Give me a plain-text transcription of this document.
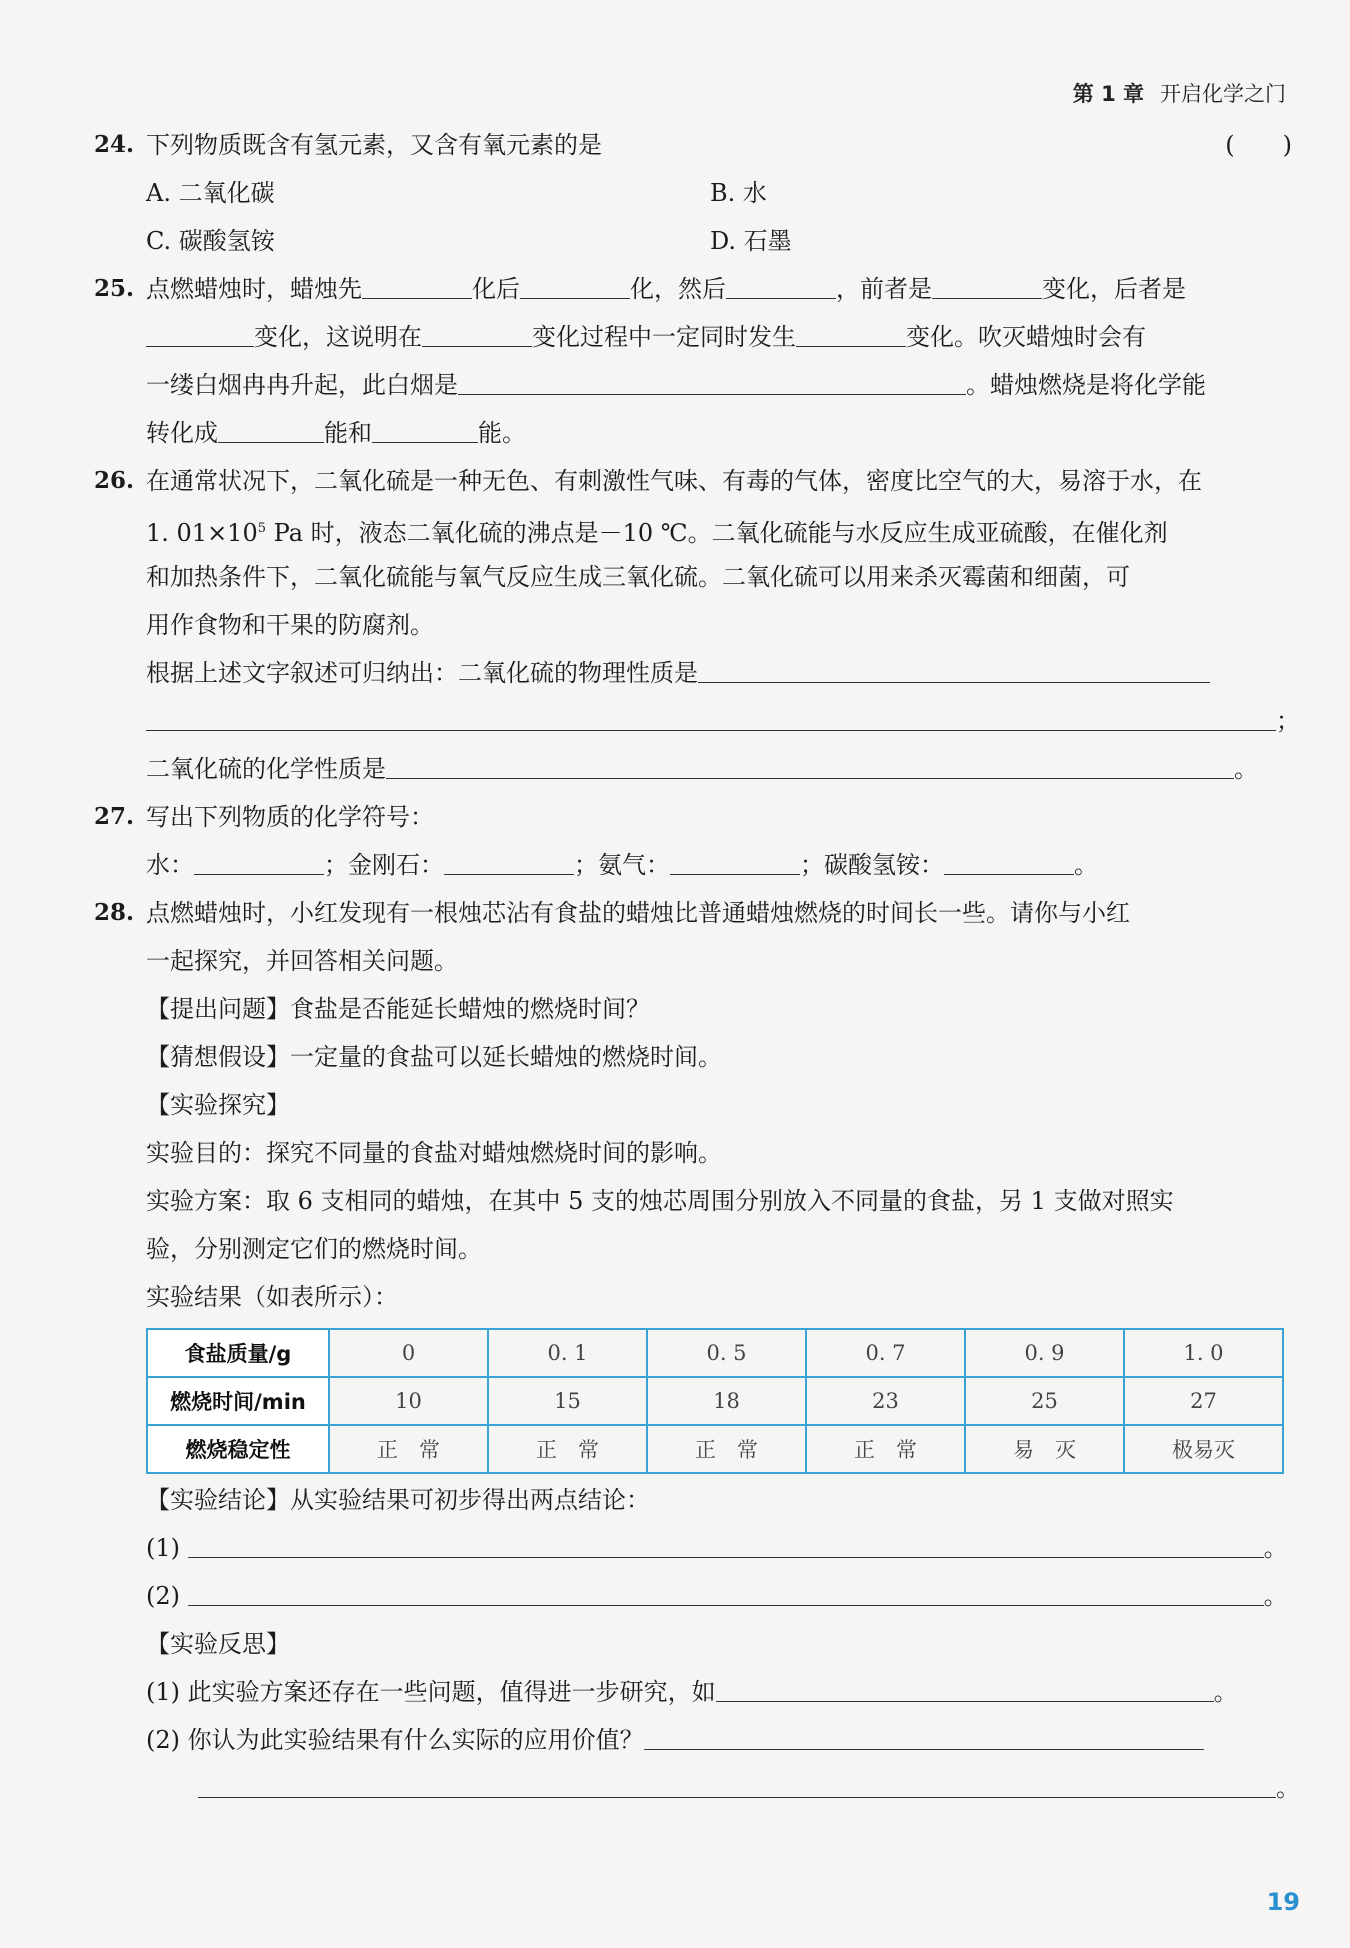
第 1 章 开启化学之门
24. 下列物质既含有氢元素，又含有氧元素的是	(　　)
A. 二氧化碳	B. 水
C. 碳酸氢铵	D. 石墨
25. 点燃蜡烛时，蜡烛先	化后	化，然后	，前者是	变化，后者是
变化，这说明在	变化过程中一定同时发生	变化。吹灭蜡烛时会有
一缕白烟冉冉升起，此白烟是	。蜡烛燃烧是将化学能
转化成	能和	能。
26. 在通常状况下，二氧化硫是一种无色、有刺激性气味、有毒的气体，密度比空气的大，易溶于水，在
1. $01\times 10^5$ Pa 时，液态二氧化硫的沸点是－10 ℃。二氧化硫能与水反应生成亚硫酸，在催化剂
和加热条件下，二氧化硫能与氧气反应生成三氧化硫。二氧化硫可以用来杀灭霉菌和细菌，可
用作食物和干果的防腐剂。
根据上述文字叙述可归纳出：二氧化硫的物理性质是
；
二氧化硫的化学性质是	。
27. 写出下列物质的化学符号：
水：	；金刚石：	；氨气：	；碳酸氢铵：	。
28. 点燃蜡烛时，小红发现有一根烛芯沾有食盐的蜡烛比普通蜡烛燃烧的时间长一些。请你与小红
一起探究，并回答相关问题。
【提出问题】食盐是否能延长蜡烛的燃烧时间？
【猜想假设】一定量的食盐可以延长蜡烛的燃烧时间。
【实验探究】
实验目的：探究不同量的食盐对蜡烛燃烧时间的影响。
实验方案：取 6 支相同的蜡烛，在其中 5 支的烛芯周围分别放入不同量的食盐，另 1 支做对照实
验，分别测定它们的燃烧时间。
实验结果（如表所示）：
食盐质量/g	0	0. 1	0. 5	0. 7	0. 9	1. 0
燃烧时间/min	10	15	18	23	25	27
燃烧稳定性	正　常	正　常	正　常	正　常	易　灭	极易灭
【实验结论】从实验结果可初步得出两点结论：
(1)	。
(2)	。
【实验反思】
(1) 此实验方案还存在一些问题，值得进一步研究，如	。
(2) 你认为此实验结果有什么实际的应用价值？
。
19
